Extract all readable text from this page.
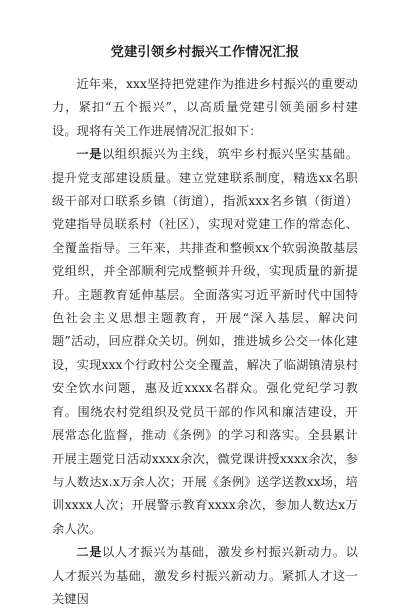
党建引领乡村振兴工作情况汇报

近年来，xxx坚持把党建作为推进乡村振兴的重要动力，紧扣“五个振兴”，以高质量党建引领美丽乡村建设。现将有关工作进展情况汇报如下：

一是以组织振兴为主线，筑牢乡村振兴坚实基础。提升党支部建设质量。建立党建联系制度，精选xx名职级干部对口联系乡镇（街道），指派xxx名乡镇（街道）党建指导员联系村（社区），实现对党建工作的常态化、全覆盖指导。三年来，共排查和整顿xx个软弱涣散基层党组织，并全部顺利完成整顿并升级，实现质量的新提升。主题教育延伸基层。全面落实习近平新时代中国特色社会主义思想主题教育，开展“深入基层、解决问题”活动，回应群众关切。例如，推进城乡公交一体化建设，实现xxx个行政村公交全覆盖，解决了临湖镇清泉村安全饮水问题，惠及近xxxx名群众。强化党纪学习教育。围绕农村党组织及党员干部的作风和廉洁建设，开展常态化监督，推动《条例》的学习和落实。全县累计开展主题党日活动xxxx余次，微党课讲授xxxx余次，参与人数达x.x万余人次；开展《条例》送学送教xx场，培训xxxx人次；开展警示教育xxxx余次，参加人数达x万余人次。

二是以人才振兴为基础，激发乡村振兴新动力。以人才振兴为基础，激发乡村振兴新动力。紧抓人才这一关键因
